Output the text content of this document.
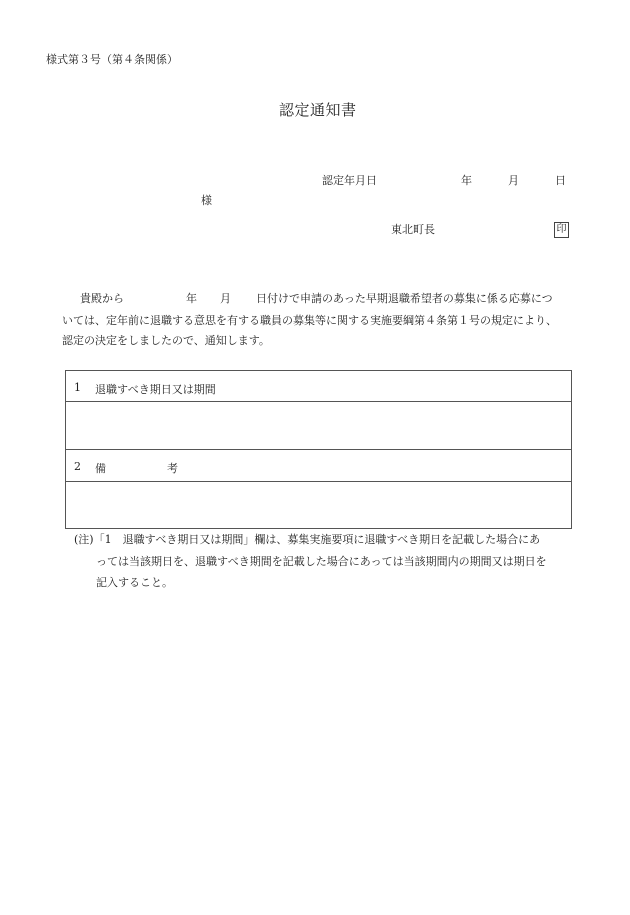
様式第３号（第４条関係）
認定通知書
認定年月日	年	月	日
様
東北町長	印
貴殿から	年 月 日付けで申請のあった早期退職希望者の募集に係る応募につ
いては、定年前に退職する意思を有する職員の募集等に関する実施要綱第４条第１号の規定により、
認定の決定をしましたので、通知します。
1 退職すべき期日又は期間
2 備	考
(注)「1　退職すべき期日又は期間」欄は、募集実施要項に退職すべき期日を記載した場合にあ
っては当該期日を、退職すべき期間を記載した場合にあっては当該期間内の期間又は期日を
記入すること。
